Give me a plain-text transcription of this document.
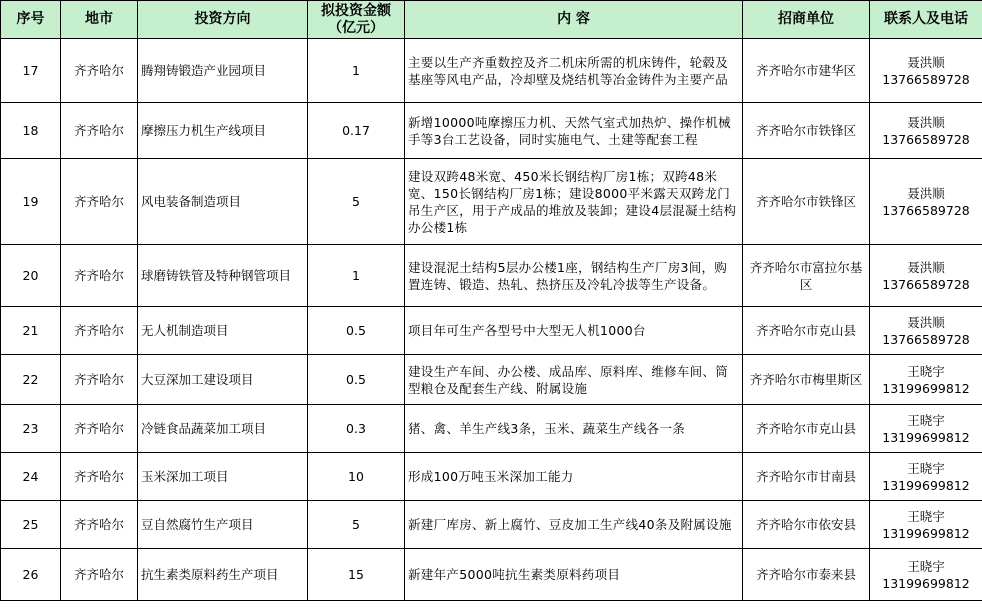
序号	地市	投资方向	拟投资金额（亿元）	内 容	招商单位	联系人及电话
17	齐齐哈尔	腾翔铸锻造产业园项目	1	主要以生产齐重数控及齐二机床所需的机床铸件，轮毂及基座等风电产品，冷却壁及烧结机等冶金铸件为主要产品	齐齐哈尔市建华区	聂洪顺
13766589728

18	齐齐哈尔	摩擦压力机生产线项目	0.17	新增10000吨摩擦压力机、天然气室式加热炉、操作机械手等3台工艺设备，同时实施电气、土建等配套工程	齐齐哈尔市铁锋区	聂洪顺
13766589728

19	齐齐哈尔	风电装备制造项目	5	建设双跨48米宽、450米长钢结构厂房1栋；双跨48米宽、150长钢结构厂房1栋；建设8000平米露天双跨龙门吊生产区，用于产成品的堆放及装卸；建设4层混凝土结构办公楼1栋	齐齐哈尔市铁锋区	聂洪顺
13766589728

20	齐齐哈尔	球磨铸铁管及特种钢管项目	1	建设混泥土结构5层办公楼1座，钢结构生产厂房3间，购置连铸、锻造、热轧、热挤压及冷轧冷拔等生产设备。	齐齐哈尔市富拉尔基区	聂洪顺
13766589728

21	齐齐哈尔	无人机制造项目	0.5	项目年可生产各型号中大型无人机1000台	齐齐哈尔市克山县	聂洪顺
13766589728

22	齐齐哈尔	大豆深加工建设项目	0.5	建设生产车间、办公楼、成品库、原料库、维修车间、筒型粮仓及配套生产线、附属设施	齐齐哈尔市梅里斯区	王晓宇
13199699812

23	齐齐哈尔	冷链食品蔬菜加工项目	0.3	猪、禽、羊生产线3条，玉米、蔬菜生产线各一条	齐齐哈尔市克山县	王晓宇
13199699812

24	齐齐哈尔	玉米深加工项目	10	形成100万吨玉米深加工能力	齐齐哈尔市甘南县	王晓宇
13199699812

25	齐齐哈尔	豆自然腐竹生产项目	5	新建厂库房、新上腐竹、豆皮加工生产线40条及附属设施	齐齐哈尔市依安县	王晓宇
13199699812

26	齐齐哈尔	抗生素类原料药生产项目	15	新建年产5000吨抗生素类原料药项目	齐齐哈尔市泰来县	王晓宇
13199699812
